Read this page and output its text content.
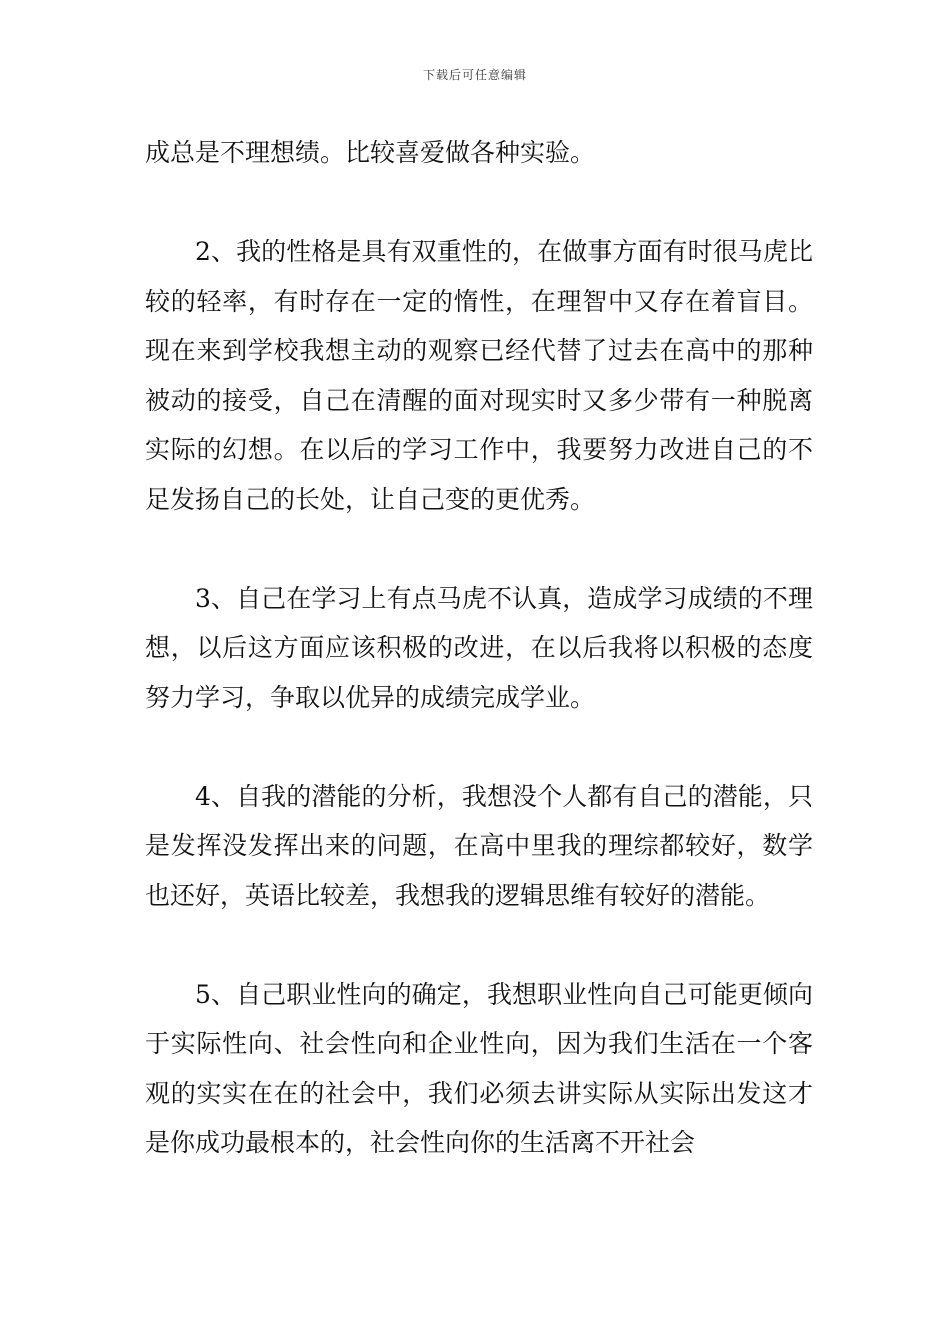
下载后可任意编辑

成总是不理想绩。比较喜爱做各种实验。

2、我的性格是具有双重性的，在做事方面有时很马虎比较的轻率，有时存在一定的惰性，在理智中又存在着盲目。现在来到学校我想主动的观察已经代替了过去在高中的那种被动的接受，自己在清醒的面对现实时又多少带有一种脱离实际的幻想。在以后的学习工作中，我要努力改进自己的不足发扬自己的长处，让自己变的更优秀。

3、自己在学习上有点马虎不认真，造成学习成绩的不理想，以后这方面应该积极的改进，在以后我将以积极的态度努力学习，争取以优异的成绩完成学业。

4、自我的潜能的分析，我想没个人都有自己的潜能，只是发挥没发挥出来的问题，在高中里我的理综都较好，数学也还好，英语比较差，我想我的逻辑思维有较好的潜能。

5、自己职业性向的确定，我想职业性向自己可能更倾向于实际性向、社会性向和企业性向，因为我们生活在一个客观的实实在在的社会中，我们必须去讲实际从实际出发这才是你成功最根本的，社会性向你的生活离不开社会
